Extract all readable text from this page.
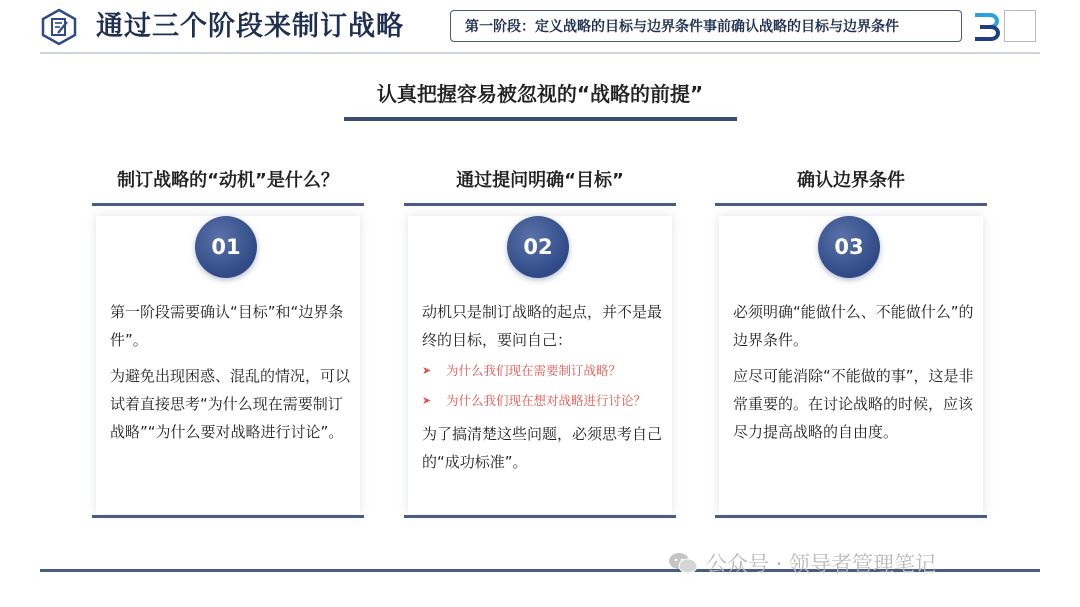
通过三个阶段来制订战略	第一阶段：定义战略的目标与边界条件事前确认战略的目标与边界条件
认真把握容易被忽视的“战略的前提”
制订战略的“动机”是什么？
01

第一阶段需要确认“目标”和“边界条件”。

为避免出现困惑、混乱的情况，可以试着直接思考“为什么现在需要制订战略”“为什么要对战略进行讨论”。

通过提问明确“目标”
02

动机只是制订战略的起点，并不是最终的目标，要问自己：

➤	为什么我们现在需要制订战略？
➤	为什么我们现在想对战略进行讨论？

为了搞清楚这些问题，必须思考自己的“成功标准”。

确认边界条件
03

必须明确“能做什么、不能做什么”的边界条件。

应尽可能消除“不能做的事”，这是非常重要的。在讨论战略的时候，应该尽力提高战略的自由度。

公众号 · 领导者管理笔记
